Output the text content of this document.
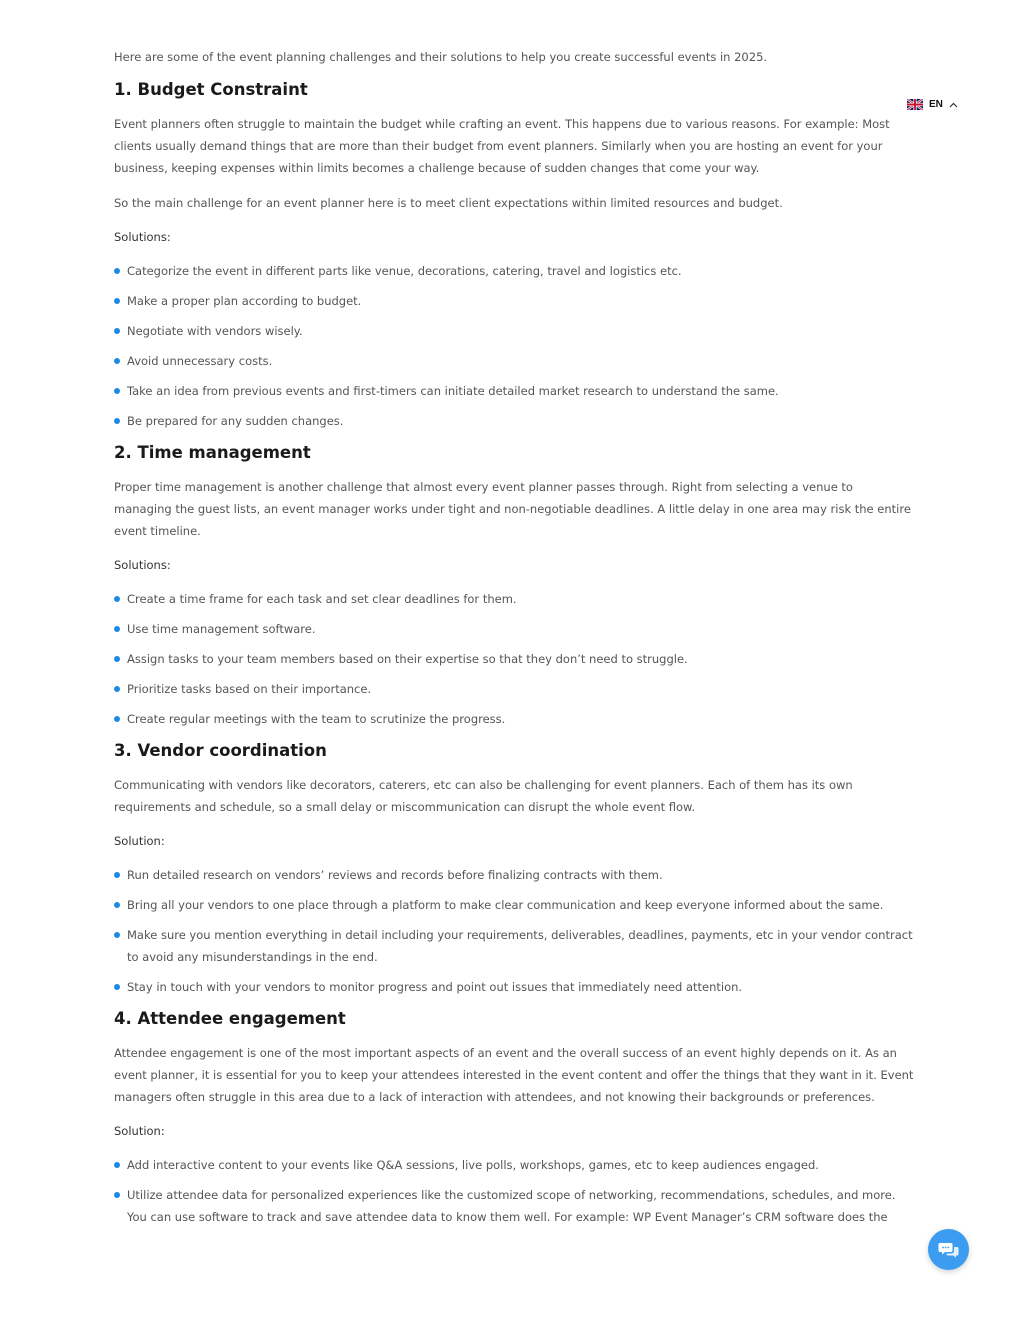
Here are some of the event planning challenges and their solutions to help you create successful events in 2025.

1. Budget Constraint

Event planners often struggle to maintain the budget while crafting an event. This happens due to various reasons. For example: Most clients usually demand things that are more than their budget from event planners. Similarly when you are hosting an event for your business, keeping expenses within limits becomes a challenge because of sudden changes that come your way.

So the main challenge for an event planner here is to meet client expectations within limited resources and budget.

Solutions:

Categorize the event in different parts like venue, decorations, catering, travel and logistics etc.
Make a proper plan according to budget.
Negotiate with vendors wisely.
Avoid unnecessary costs.
Take an idea from previous events and first-timers can initiate detailed market research to understand the same.
Be prepared for any sudden changes.
2. Time management

Proper time management is another challenge that almost every event planner passes through. Right from selecting a venue to managing the guest lists, an event manager works under tight and non-negotiable deadlines. A little delay in one area may risk the entire event timeline.

Solutions:

Create a time frame for each task and set clear deadlines for them.
Use time management software.
Assign tasks to your team members based on their expertise so that they don’t need to struggle.
Prioritize tasks based on their importance.
Create regular meetings with the team to scrutinize the progress.
3. Vendor coordination

Communicating with vendors like decorators, caterers, etc can also be challenging for event planners. Each of them has its own requirements and schedule, so a small delay or miscommunication can disrupt the whole event flow.

Solution:

Run detailed research on vendors’ reviews and records before finalizing contracts with them.
Bring all your vendors to one place through a platform to make clear communication and keep everyone informed about the same.
Make sure you mention everything in detail including your requirements, deliverables, deadlines, payments, etc in your vendor contract to avoid any misunderstandings in the end.
Stay in touch with your vendors to monitor progress and point out issues that immediately need attention.
4. Attendee engagement

Attendee engagement is one of the most important aspects of an event and the overall success of an event highly depends on it. As an event planner, it is essential for you to keep your attendees interested in the event content and offer the things that they want in it. Event managers often struggle in this area due to a lack of interaction with attendees, and not knowing their backgrounds or preferences.

Solution:

Add interactive content to your events like Q&A sessions, live polls, workshops, games, etc to keep audiences engaged.
Utilize attendee data for personalized experiences like the customized scope of networking, recommendations, schedules, and more. You can use software to track and save attendee data to know them well. For example: WP Event Manager’s CRM software does the
EN
